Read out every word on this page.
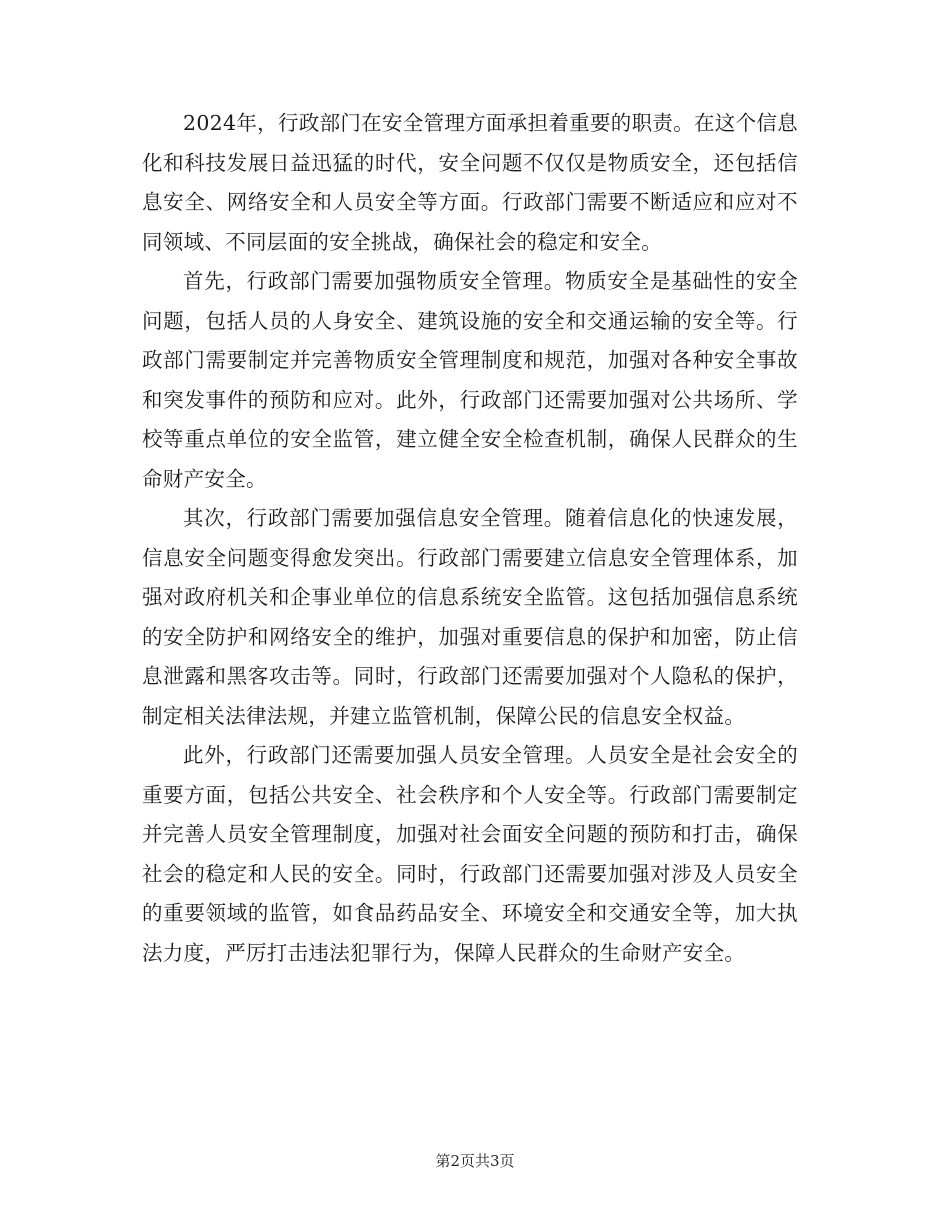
2024年，行政部门在安全管理方面承担着重要的职责。在这个信息化和科技发展日益迅猛的时代，安全问题不仅仅是物质安全，还包括信息安全、网络安全和人员安全等方面。行政部门需要不断适应和应对不同领域、不同层面的安全挑战，确保社会的稳定和安全。

首先，行政部门需要加强物质安全管理。物质安全是基础性的安全问题，包括人员的人身安全、建筑设施的安全和交通运输的安全等。行政部门需要制定并完善物质安全管理制度和规范，加强对各种安全事故和突发事件的预防和应对。此外，行政部门还需要加强对公共场所、学校等重点单位的安全监管，建立健全安全检查机制，确保人民群众的生命财产安全。

其次，行政部门需要加强信息安全管理。随着信息化的快速发展，信息安全问题变得愈发突出。行政部门需要建立信息安全管理体系，加强对政府机关和企事业单位的信息系统安全监管。这包括加强信息系统的安全防护和网络安全的维护，加强对重要信息的保护和加密，防止信息泄露和黑客攻击等。同时，行政部门还需要加强对个人隐私的保护，制定相关法律法规，并建立监管机制，保障公民的信息安全权益。

此外，行政部门还需要加强人员安全管理。人员安全是社会安全的重要方面，包括公共安全、社会秩序和个人安全等。行政部门需要制定并完善人员安全管理制度，加强对社会面安全问题的预防和打击，确保社会的稳定和人民的安全。同时，行政部门还需要加强对涉及人员安全的重要领域的监管，如食品药品安全、环境安全和交通安全等，加大执法力度，严厉打击违法犯罪行为，保障人民群众的生命财产安全。

第2页共3页
